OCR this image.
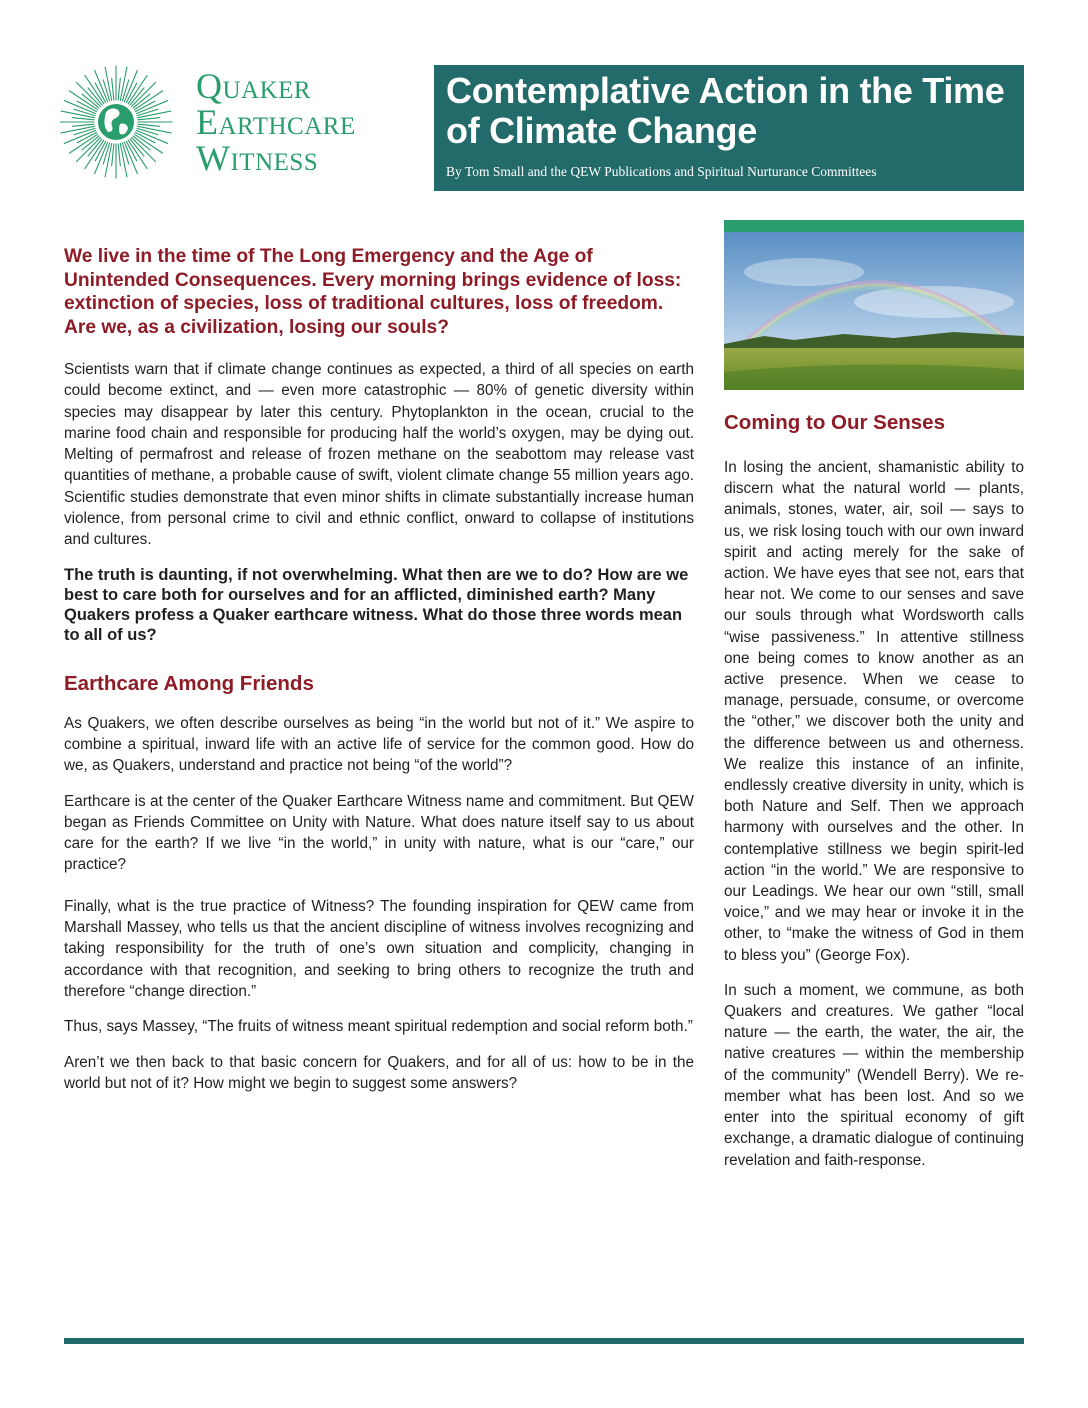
Quaker
Earthcare
Witness
Contemplative Action in the Time of Climate Change
By Tom Small and the QEW Publications and Spiritual Nurturance Committees

We live in the time of The Long Emergency and the Age of Unintended Consequences. Every morning brings evidence of loss: extinction of species, loss of traditional cultures, loss of freedom. Are we, as a civilization, losing our souls?

Scientists warn that if climate change continues as expected, a third of all species on earth could become extinct, and — even more catastrophic — 80% of genetic diversity within species may disappear by later this century. Phytoplankton in the ocean, crucial to the marine food chain and responsible for producing half the world’s oxygen, may be dying out. Melting of permafrost and release of frozen methane on the seabottom may release vast quantities of methane, a probable cause of swift, violent climate change 55 million years ago. Scientific studies demonstrate that even minor shifts in climate substantially increase human violence, from personal crime to civil and ethnic conflict, onward to collapse of institutions and cultures.

The truth is daunting, if not overwhelming. What then are we to do? How are we best to care both for ourselves and for an afflicted, diminished earth? Many Quakers profess a Quaker earthcare witness. What do those three words mean to all of us?

Earthcare Among Friends

As Quakers, we often describe ourselves as being “in the world but not of it.” We aspire to combine a spiritual, inward life with an active life of service for the common good. How do we, as Quakers, understand and practice not being “of the world”?

Earthcare is at the center of the Quaker Earthcare Witness name and commitment. But QEW began as Friends Committee on Unity with Nature. What does nature itself say to us about care for the earth? If we live “in the world,” in unity with nature, what is our “care,” our practice?

Finally, what is the true practice of Witness? The founding inspiration for QEW came from Marshall Massey, who tells us that the ancient discipline of witness involves recognizing and taking responsibility for the truth of one’s own situation and complicity, changing in accordance with that recognition, and seeking to bring others to recognize the truth and therefore “change direction.”

Thus, says Massey, “The fruits of witness meant spiritual redemption and social reform both.”

Aren’t we then back to that basic concern for Quakers, and for all of us: how to be in the world but not of it? How might we begin to suggest some answers?

Coming to Our Senses

In losing the ancient, shamanistic ability to discern what the natural world — plants, animals, stones, water, air, soil — says to us, we risk losing touch with our own inward spirit and acting merely for the sake of action. We have eyes that see not, ears that hear not. We come to our senses and save our souls through what Wordsworth calls “wise passiveness.” In attentive stillness one being comes to know another as an active presence. When we cease to manage, persuade, consume, or overcome the “other,” we discover both the unity and the difference between us and otherness. We realize this instance of an infinite, endlessly creative diversity in unity, which is both Nature and Self. Then we approach harmony with ourselves and the other. In contemplative stillness we begin spirit-led action “in the world.” We are responsive to our Leadings. We hear our own “still, small voice,” and we may hear or invoke it in the other, to “make the witness of God in them to bless you” (George Fox).

In such a moment, we commune, as both Quakers and creatures. We gather “local nature — the earth, the water, the air, the native creatures — within the membership of the community” (Wendell Berry). We re-member what has been lost. And so we enter into the spiritual economy of gift exchange, a dramatic dialogue of continuing revelation and faith-response.
